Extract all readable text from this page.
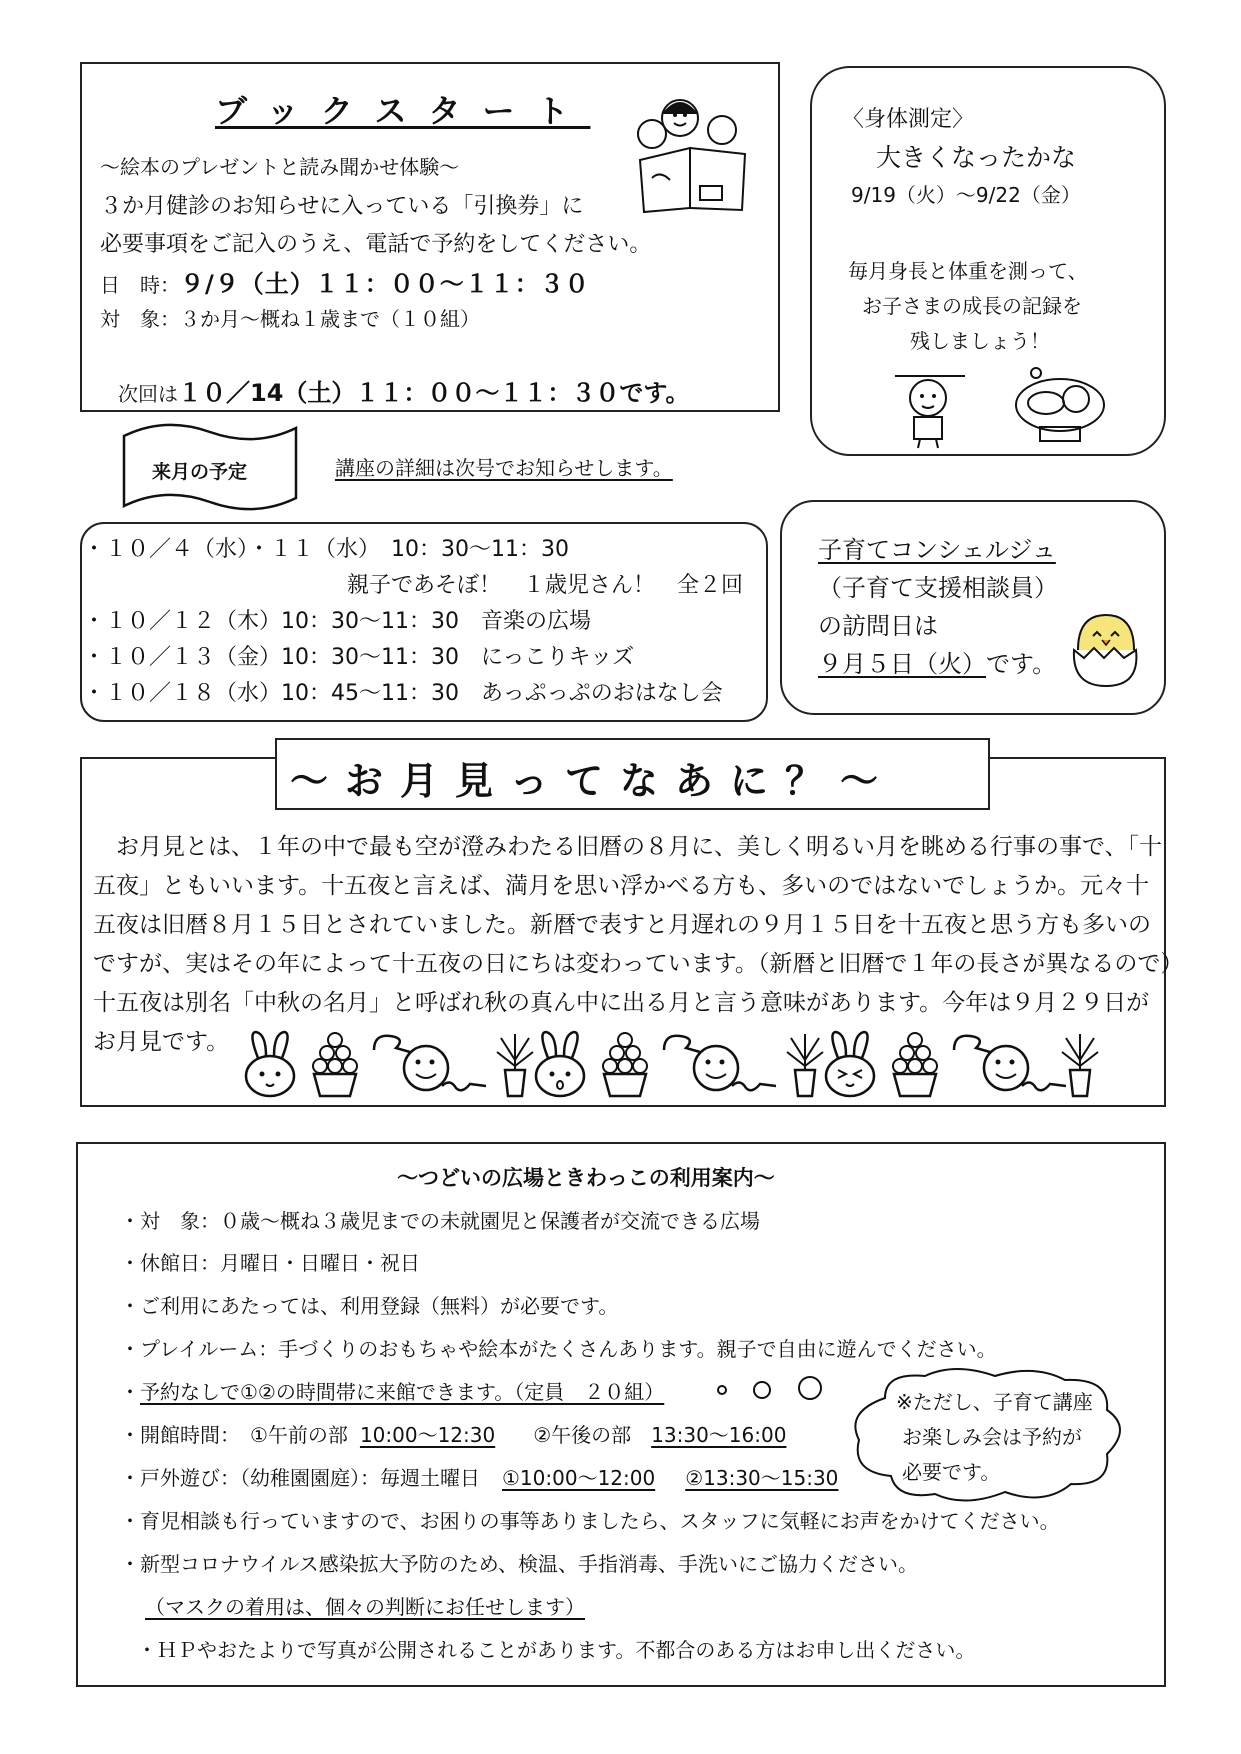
ブックスタート
～絵本のプレゼントと読み聞かせ体験～
３か月健診のお知らせに入っている「引換券」に
必要事項をご記入のうえ、電話で予約をしてください。
日　時：９/９（土）１１：００～１１：３０
対　象：３か月～概ね１歳まで（１０組）
次回は１０／14（土）１１：００～１１：３０です。
〈身体測定〉
大きくなったかな
9/19（火）～9/22（金）
毎月身長と体重を測って、
お子さまの成長の記録を
残しましょう！
来月の予定	講座の詳細は次号でお知らせします。
・１０／４（水）・１１（水）　10：30～11：30
　　　　　　　　　　　　親子であそぼ！　１歳児さん！　全２回
・１０／１２（木）10：30～11：30　音楽の広場
・１０／１３（金）10：30～11：30　にっこりキッズ
・１０／１８（水）10：45～11：30　あっぷっぷのおはなし会
子育てコンシェルジュ
（子育て支援相談員）
の訪問日は
９月５日（火）です。
～お月見ってなあに？～

　お月見とは、１年の中で最も空が澄みわたる旧暦の８月に、美しく明るい月を眺める行事の事で、「十

五夜」ともいいます。十五夜と言えば、満月を思い浮かべる方も、多いのではないでしょうか。元々十

五夜は旧暦８月１５日とされていました。新暦で表すと月遅れの９月１５日を十五夜と思う方も多いの

ですが、実はその年によって十五夜の日にちは変わっています。（新暦と旧暦で１年の長さが異なるので）

十五夜は別名「中秋の名月」と呼ばれ秋の真ん中に出る月と言う意味があります。今年は９月２９日が

お月見です。

～つどいの広場ときわっこの利用案内～
・対　象：０歳～概ね３歳児までの未就園児と保護者が交流できる広場
・休館日：月曜日・日曜日・祝日
・ご利用にあたっては、利用登録（無料）が必要です。
・プレイルーム：手づくりのおもちゃや絵本がたくさんあります。親子で自由に遊んでください。
・予約なしで①②の時間帯に来館できます。（定員　２０組）
・開館時間：　①午前の部 10:00～12:30 ②午後の部 13:30～16:00
・戸外遊び：（幼稚園園庭）：毎週土曜日 ①10:00～12:00 ②13:30～15:30
・育児相談も行っていますので、お困りの事等ありましたら、スタッフに気軽にお声をかけてください。
・新型コロナウイルス感染拡大予防のため、検温、手指消毒、手洗いにご協力ください。
（マスクの着用は、個々の判断にお任せします）
・ＨＰやおたよりで写真が公開されることがあります。不都合のある方はお申し出ください。
※ただし、子育て講座
お楽しみ会は予約が
必要です。
